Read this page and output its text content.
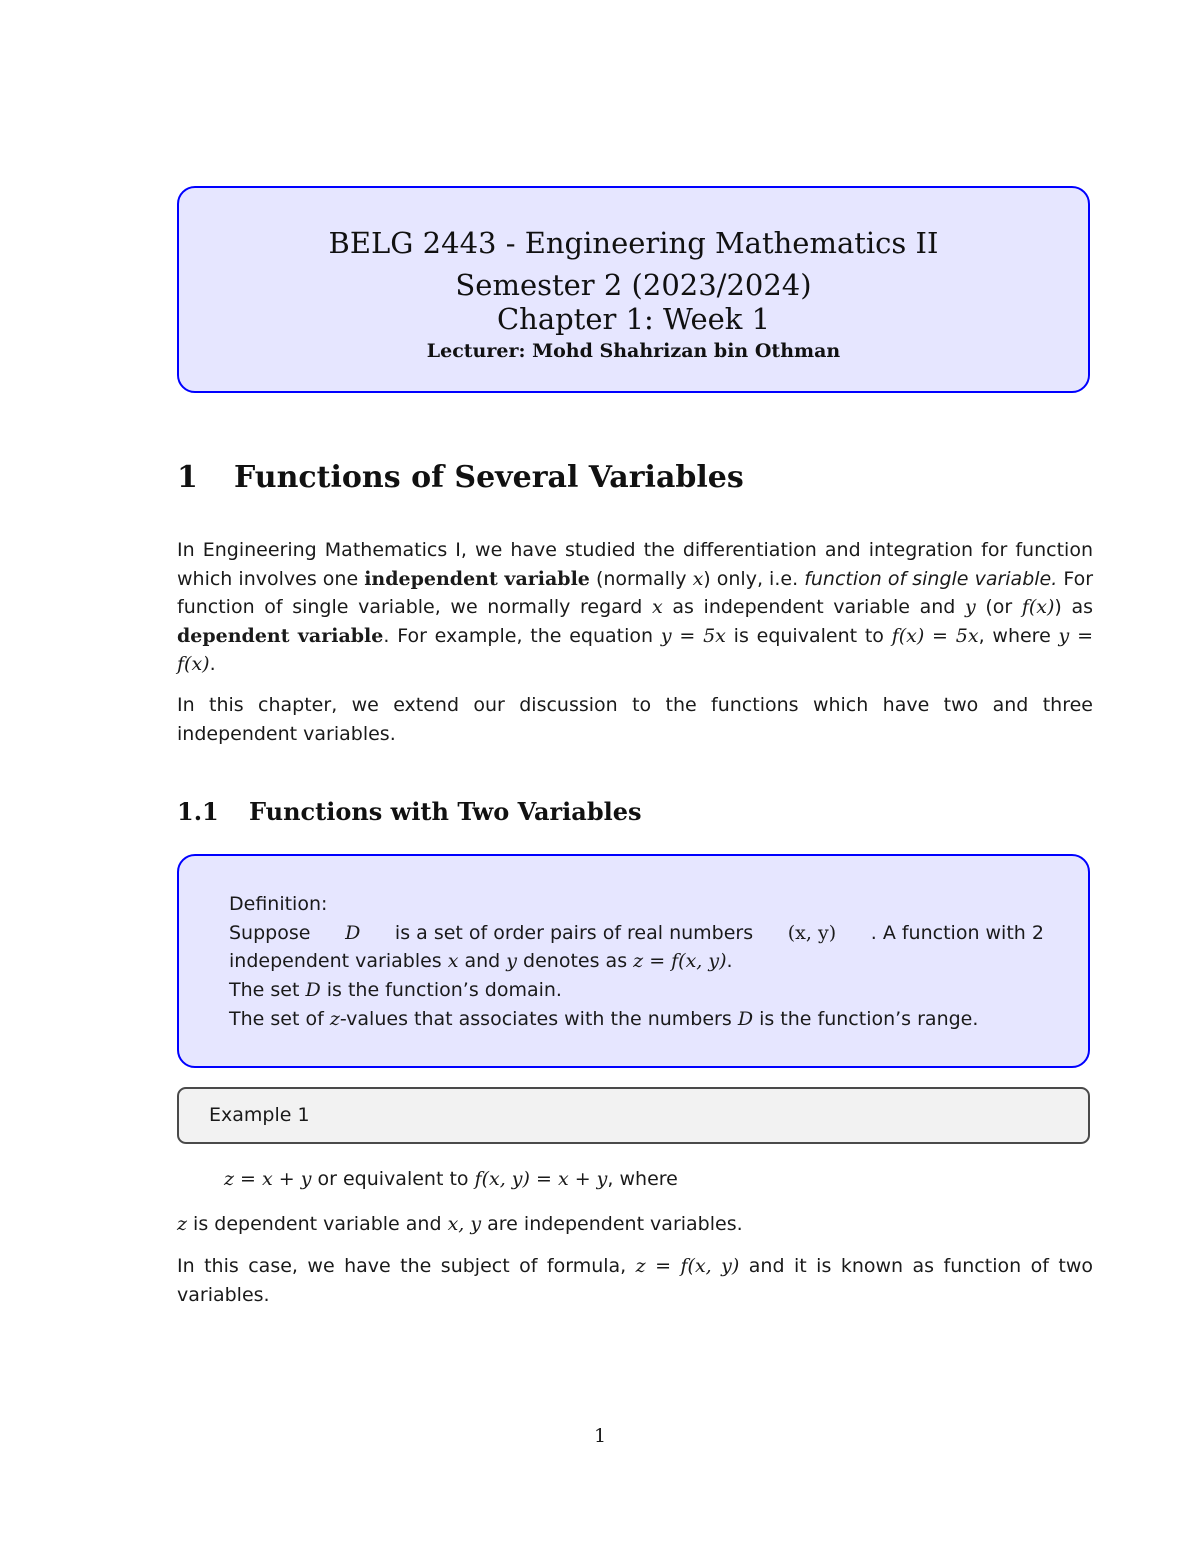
BELG 2443 - Engineering Mathematics II
Semester 2 (2023/2024)
Chapter 1: Week 1
Lecturer: Mohd Shahrizan bin Othman
1 Functions of Several Variables
In Engineering Mathematics I, we have studied the differentiation and integration for function which involves one independent variable (normally x) only, i.e. function of single variable. For function of single variable, we normally regard x as independent variable and y (or f(x)) as dependent variable. For example, the equation y = 5x is equivalent to f(x) = 5x, where y = f(x).
In this chapter, we extend our discussion to the functions which have two and three independent variables.
1.1 Functions with Two Variables
Definition:
Suppose D is a set of order pairs of real numbers (x, y) . A function with 2
independent variables x and y denotes as z = f(x, y).
The set D is the function’s domain.
The set of z-values that associates with the numbers D is the function’s range.
Example 1
z = x + y or equivalent to f(x, y) = x + y, where
z is dependent variable and x, y are independent variables.
In this case, we have the subject of formula, z = f(x, y) and it is known as function of two variables.
1
